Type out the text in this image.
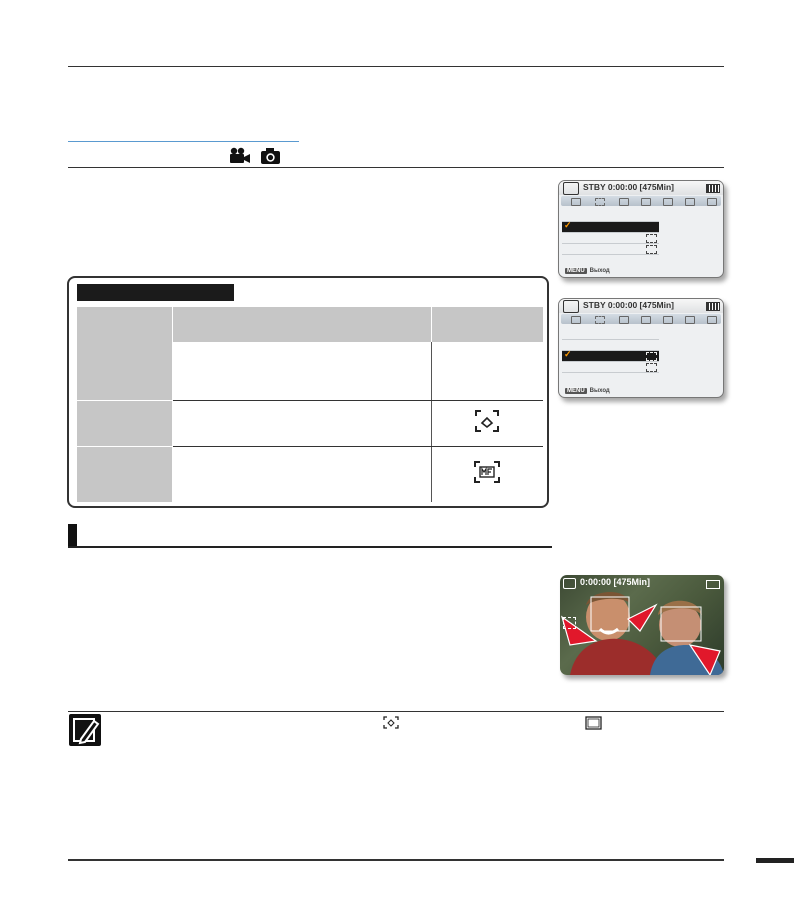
STBY 0:00:00 [475Min]
✓
MENU Выход
STBY 0:00:00 [475Min]
✓
MENU Выход

0:00:00 [475Min]
